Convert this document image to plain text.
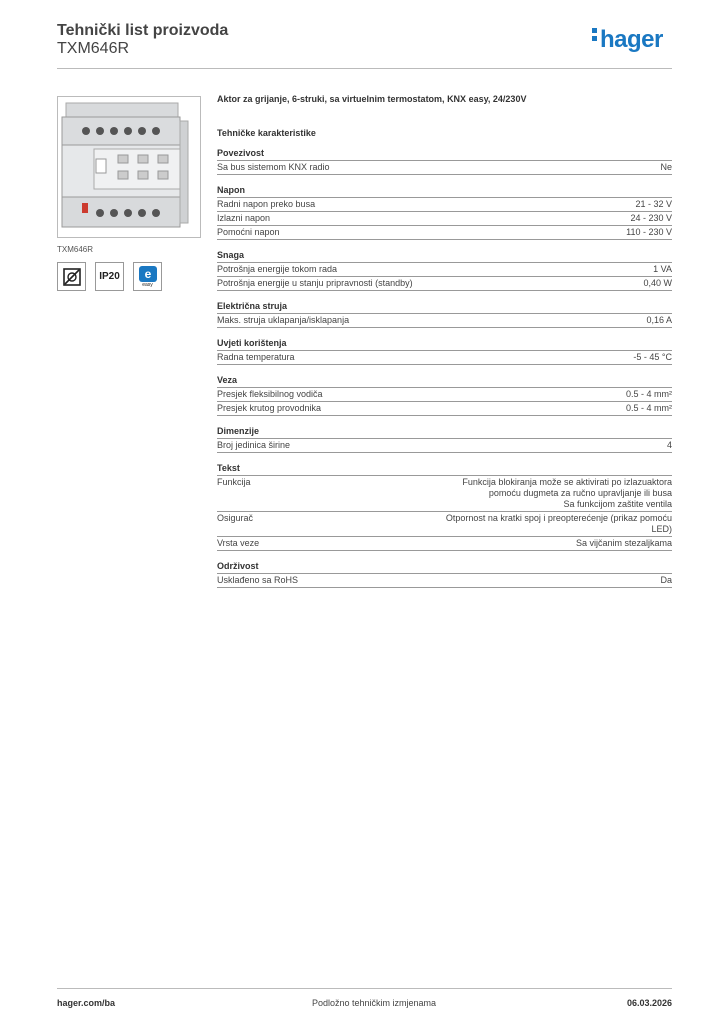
Tehnički list proizvoda
TXM646R	hager
TXM646R
IP20	e
easy
Aktor za grijanje, 6-struki, sa virtuelnim termostatom, KNX easy, 24/230V
Tehničke karakteristike
Povezivost
Sa bus sistemom KNX radio	Ne
Napon
Radni napon preko busa	21 - 32 V
Izlazni napon	24 - 230 V
Pomoćni napon	110 - 230 V
Snaga
Potrošnja energije tokom rada	1 VA
Potrošnja energije u stanju pripravnosti (standby)	0,40 W
Električna struja
Maks. struja uklapanja/isklapanja	0,16 A
Uvjeti korištenja
Radna temperatura	-5 - 45 °C
Veza
Presjek fleksibilnog vodiča	0.5 - 4 mm²
Presjek krutog provodnika	0.5 - 4 mm²
Dimenzije
Broj jedinica širine	4
Tekst
Funkcija	Funkcija blokiranja može se aktivirati po izlazuaktora
pomoću dugmeta za ručno upravljanje ili busa
Sa funkcijom zaštite ventila
Osigurač	Otpornost na kratki spoj i preopterećenje (prikaz pomoću
LED)
Vrsta veze	Sa vijčanim stezaljkama
Održivost
Usklađeno sa RoHS	Da
hager.com/ba	Podložno tehničkim izmjenama	06.03.2026
